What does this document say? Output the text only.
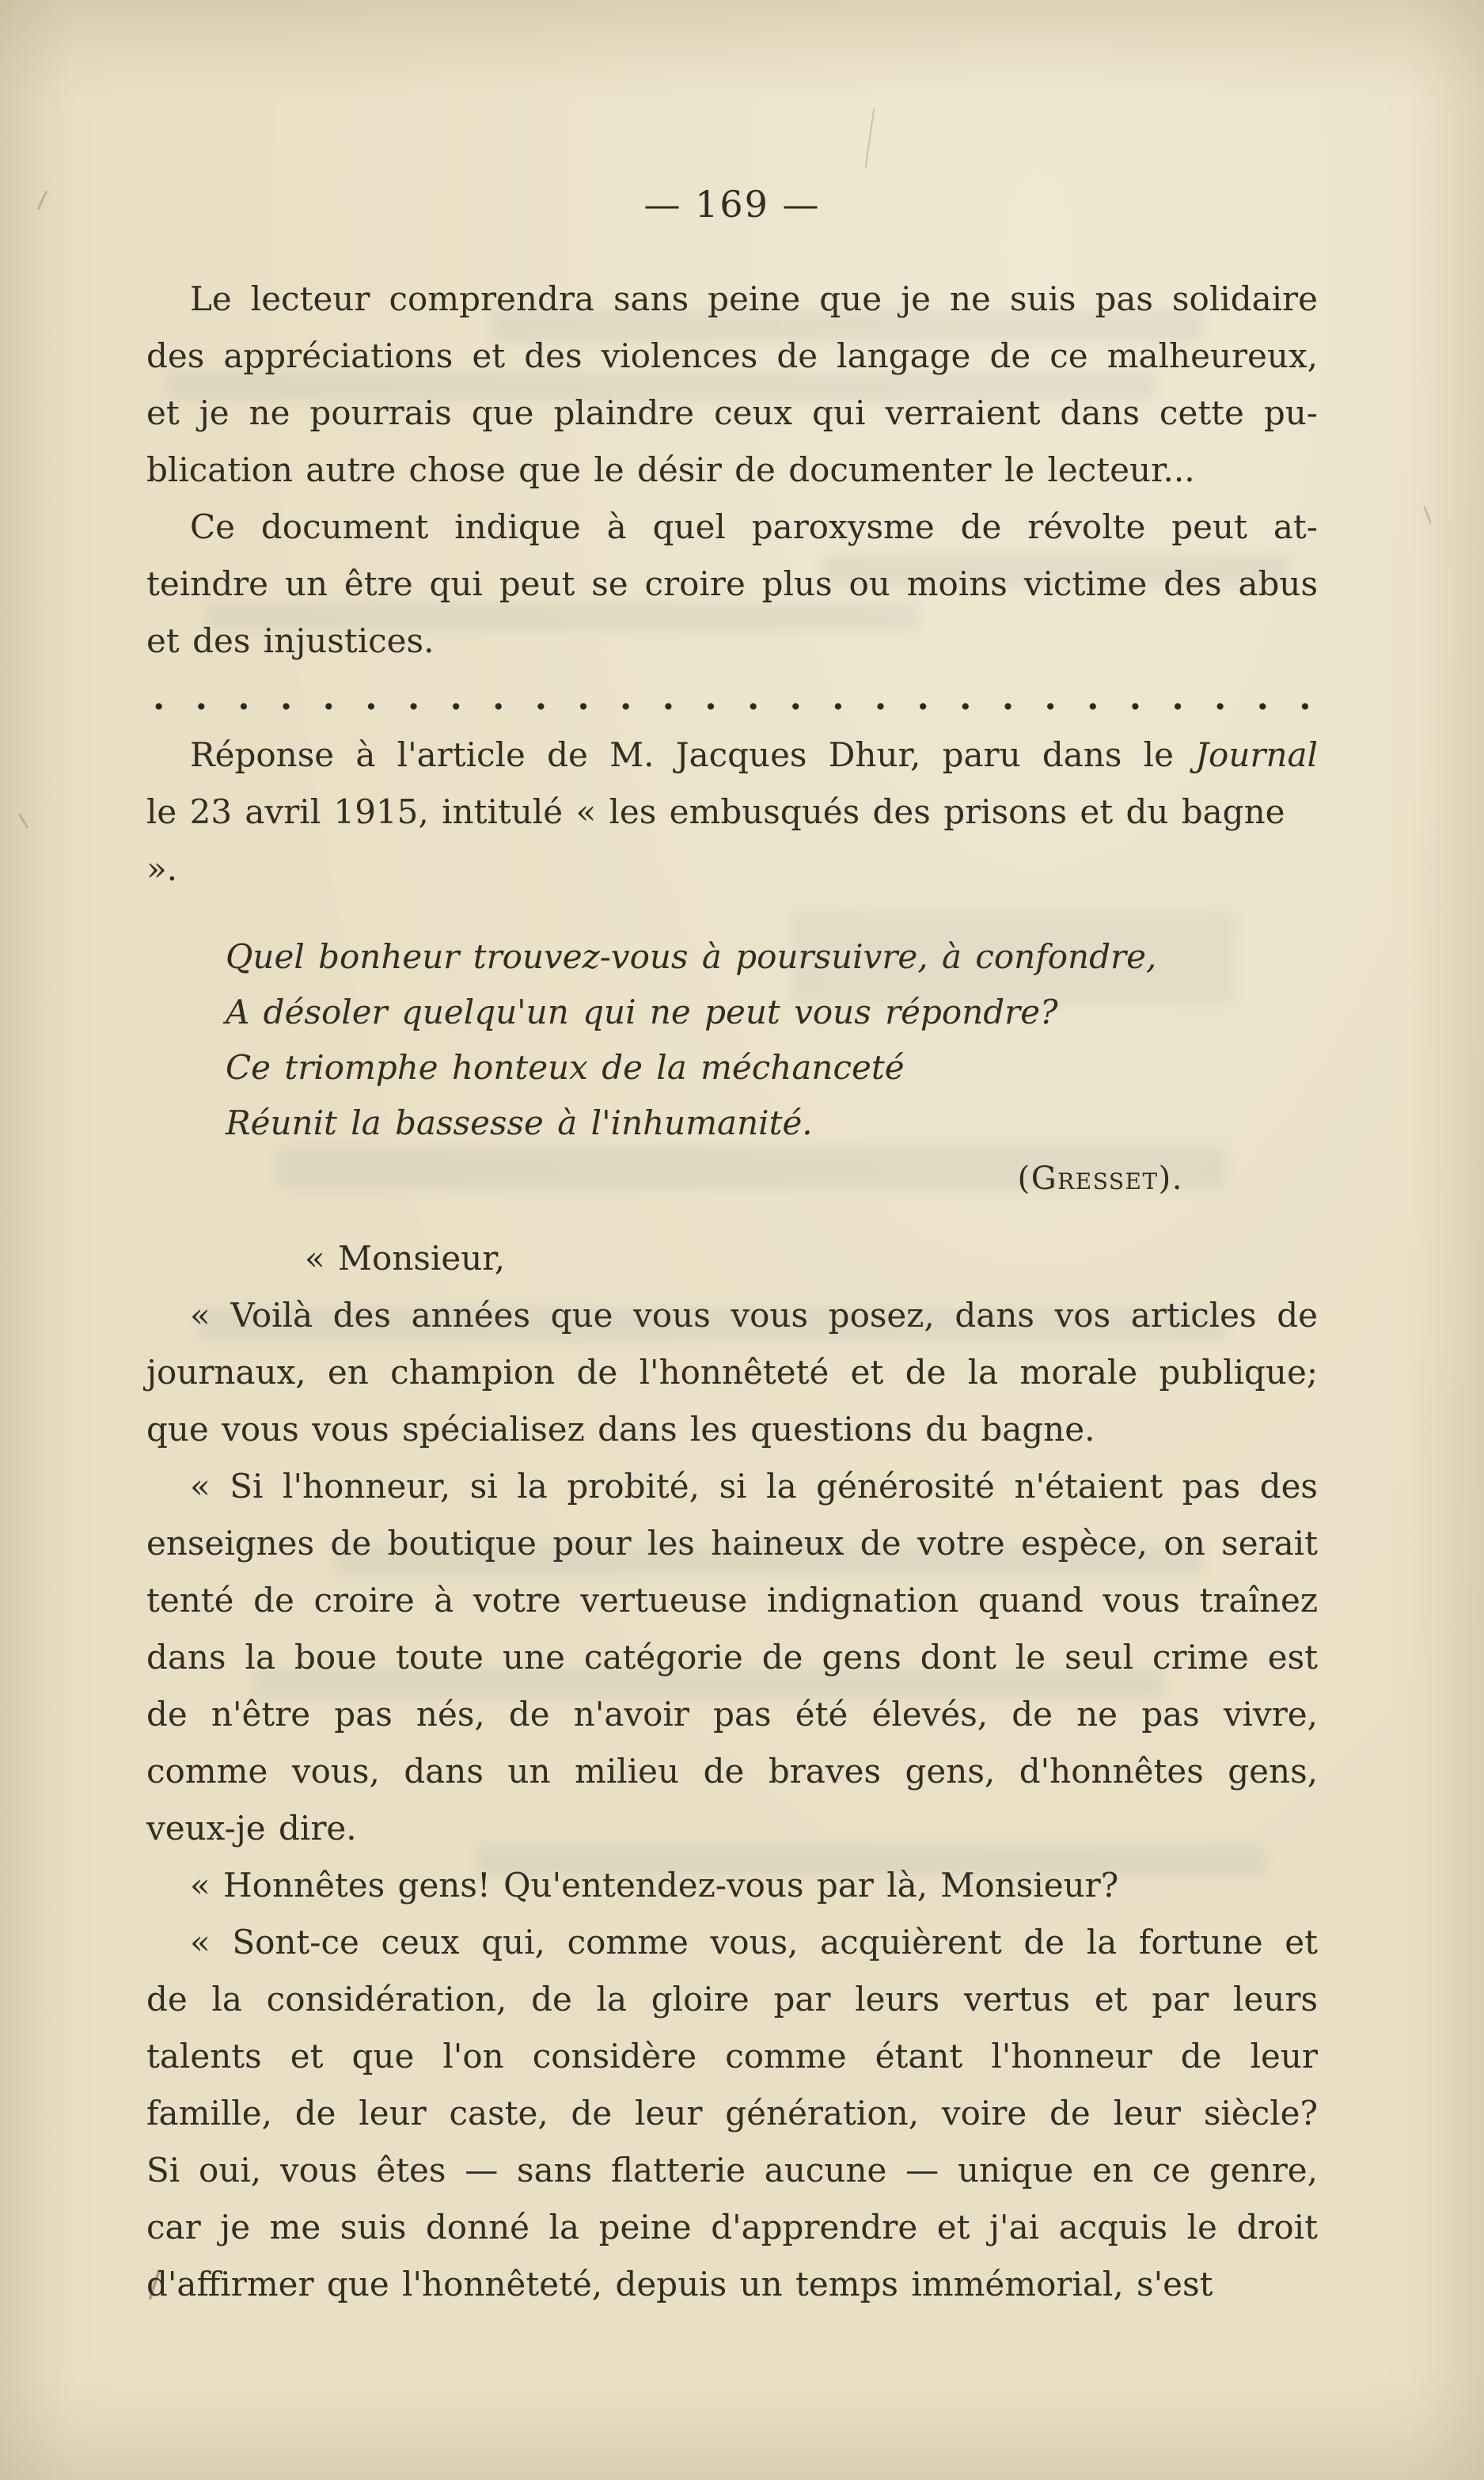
— 169 —
Le lecteur comprendra sans peine que je ne suis pas solidaire
des appréciations et des violences de langage de ce malheureux,
et je ne pourrais que plaindre ceux qui verraient dans cette pu-
blication autre chose que le désir de documenter le lecteur...
Ce document indique à quel paroxysme de révolte peut at-
teindre un être qui peut se croire plus ou moins victime des abus
et des injustices.
. . . . . . . . . . . . . . . . . . . . . . . . . . . .
Réponse à l'article de M. Jacques Dhur, paru dans le Journal
le 23 avril 1915, intitulé « les embusqués des prisons et du bagne ».
Quel bonheur trouvez-vous à poursuivre, à confondre,
A désoler quelqu'un qui ne peut vous répondre?
Ce triomphe honteux de la méchanceté
Réunit la bassesse à l'inhumanité.
(Gresset).
« Monsieur,
« Voilà des années que vous vous posez, dans vos articles de
journaux, en champion de l'honnêteté et de la morale publique;
que vous vous spécialisez dans les questions du bagne.
« Si l'honneur, si la probité, si la générosité n'étaient pas des
enseignes de boutique pour les haineux de votre espèce, on serait
tenté de croire à votre vertueuse indignation quand vous traînez
dans la boue toute une catégorie de gens dont le seul crime est
de n'être pas nés, de n'avoir pas été élevés, de ne pas vivre,
comme vous, dans un milieu de braves gens, d'honnêtes gens,
veux-je dire.
« Honnêtes gens! Qu'entendez-vous par là, Monsieur?
« Sont-ce ceux qui, comme vous, acquièrent de la fortune et
de la considération, de la gloire par leurs vertus et par leurs
talents et que l'on considère comme étant l'honneur de leur
famille, de leur caste, de leur génération, voire de leur siècle?
Si oui, vous êtes — sans flatterie aucune — unique en ce genre,
car je me suis donné la peine d'apprendre et j'ai acquis le droit
d'affirmer que l'honnêteté, depuis un temps immémorial, s'est
